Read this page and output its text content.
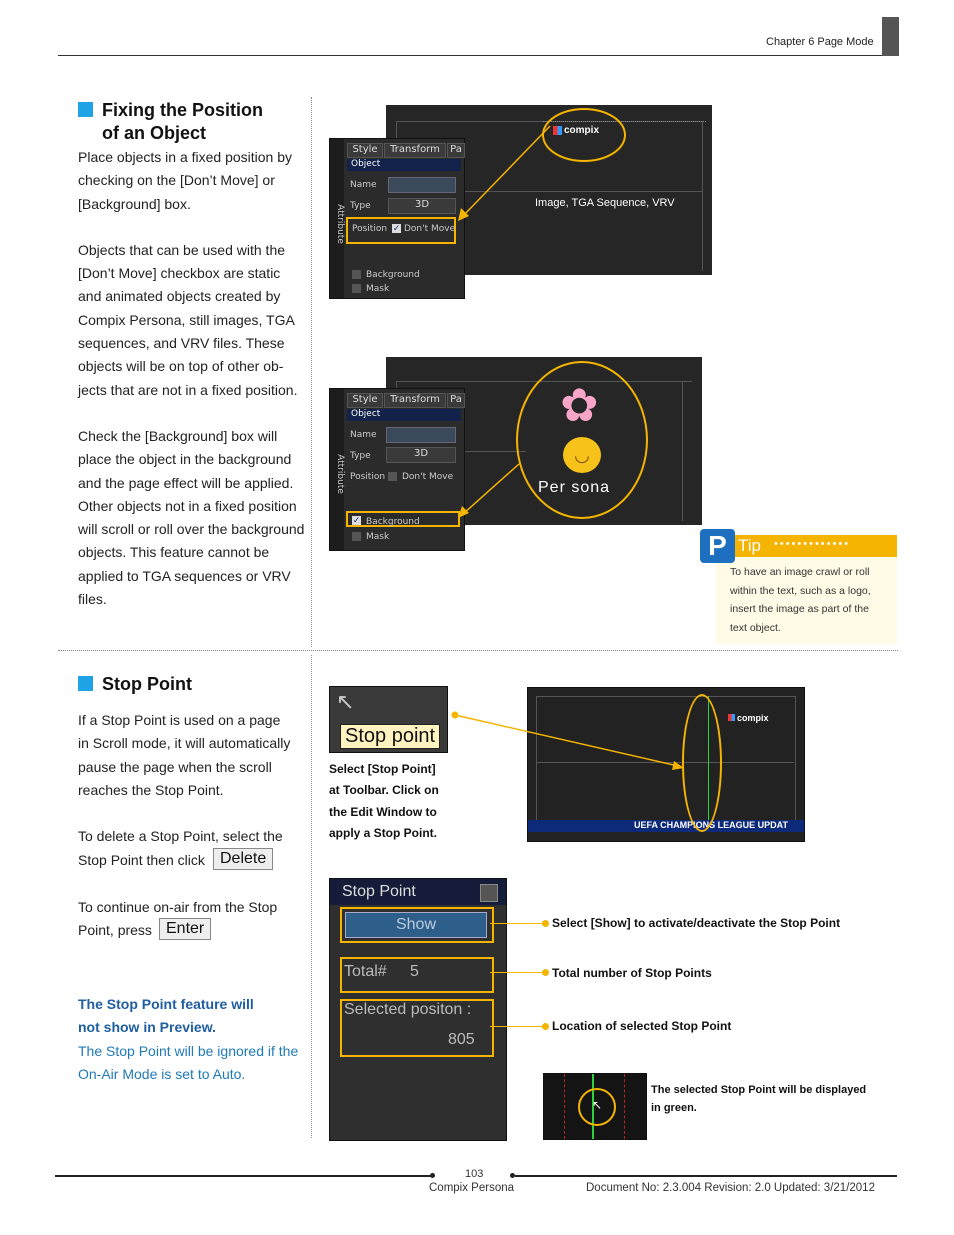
Chapter 6 Page Mode
Fixing the Position
of an Object
Place objects in a fixed position by
checking on the [Don’t Move] or
[Background] box.
Objects that can be used with the
[Don’t Move] checkbox are static
and animated objects created by
Compix Persona, still images, TGA
sequences, and VRV files. These
objects will be on top of other ob-
jects that are not in a fixed position.
Check the [Background] box will
place the object in the background
and the page effect will be applied.
Other objects not in a fixed position
will scroll or roll over the background
objects. This feature cannot be
applied to TGA sequences or VRV
files.
compix
Image, TGA Sequence, VRV
Attribute
Style	Transform	Pa
Object
Name
Type	3D
Position ✓ Don't Move
Background
Mask
✿
◡
Per sona
Attribute
Style	Transform	Pa
Object
Name
Type	3D
Position Don't Move
✓ Background
Mask	Tip •••••••••••••
To have an image crawl or roll
within the text, such as a logo,
insert the image as part of the
text object.
P
Stop Point
If a Stop Point is used on a page
in Scroll mode, it will automatically
pause the page when the scroll
reaches the Stop Point.
To delete a Stop Point, select the
Stop Point then click Delete
To continue on-air from the Stop
Point, press Enter
The Stop Point feature will
not show in Preview.
The Stop Point will be ignored if the
On-Air Mode is set to Auto.
↖
Stop point
Select [Stop Point]
at Toolbar. Click on
the Edit Window to
apply a Stop Point.
compix
UEFA CHAMPIONS LEAGUE UPDAT
Stop Point
Show
Total# 5
Selected positon :
805
Select [Show] to activate/deactivate the Stop Point
Total number of Stop Points
Location of selected Stop Point
↖
The selected Stop Point will be displayed
in green.
103
Compix Persona	Document No: 2.3.004 Revision: 2.0 Updated: 3/21/2012
